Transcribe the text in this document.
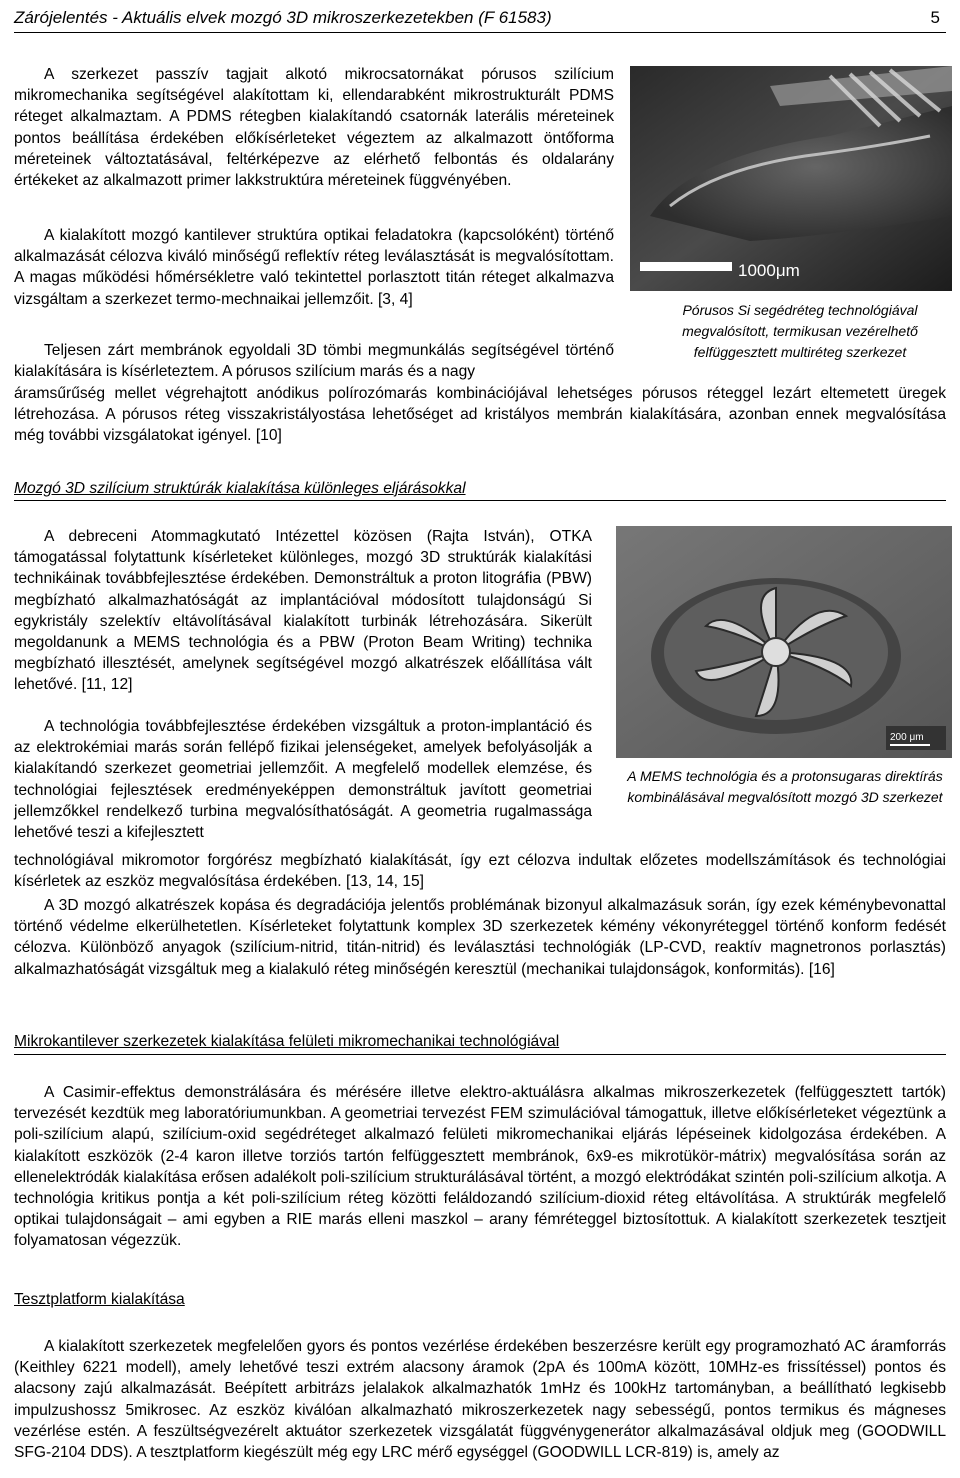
Zárójelentés - Aktuális elvek mozgó 3D mikroszerkezetekben (F 61583)	5

A szerkezet passzív tagjait alkotó mikrocsatornákat pórusos szilícium mikromechanika segítségével alakítottam ki, ellendarabként mikrostrukturált PDMS réteget alkalmaztam. A PDMS rétegben kialakítandó csatornák laterális méreteinek pontos beállítása érdekében előkísérleteket végeztem az alkalmazott öntőforma méreteinek változtatásával, feltérképezve az elérhető felbontás és oldalarány értékeket az alkalmazott primer lakkstruktúra méreteinek függvényében.

A kialakított mozgó kantilever struktúra optikai feladatokra (kapcsolóként) történő alkalmazását célozva kiváló minőségű reflektív réteg leválasztását is megvalósítottam. A magas működési hőmérsékletre való tekintettel porlasztott titán réteget alkalmazva vizsgáltam a szerkezet termo-mechnaikai jellemzőit. [3, 4]

Teljesen zárt membránok egyoldali 3D tömbi megmunkálás segítségével történő kialakítására is kísérleteztem. A pórusos szilícium marás és a nagy

áramsűrűség mellet végrehajtott anódikus polírozómarás kombinációjával lehetséges pórusos réteggel lezárt eltemetett üregek létrehozása. A pórusos réteg visszakristályostása lehetőséget ad kristályos membrán kialakítására, azonban ennek megvalósítása még további vizsgálatokat igényel. [10]

1000μm

Pórusos Si segédréteg technológiával megvalósított, termikusan vezérelhető felfüggesztett multiréteg szerkezet

Mozgó 3D szilícium struktúrák kialakítása különleges eljárásokkal

A debreceni Atommagkutató Intézettel közösen (Rajta István), OTKA támogatással folytattunk kísérleteket különleges, mozgó 3D struktúrák kialakítási technikáinak továbbfejlesztése érdekében. Demonstráltuk a proton litográfia (PBW) megbízható alkalmazhatóságát az implantációval módosított tulajdonságú Si egykristály szelektív eltávolításával kialakított turbinák létrehozására. Sikerült megoldanunk a MEMS technológia és a PBW (Proton Beam Writing) technika megbízható illesztését, amelynek segítségével mozgó alkatrészek előállítása vált lehetővé. [11, 12]

A technológia továbbfejlesztése érdekében vizsgáltuk a proton-implantáció és az elektrokémiai marás során fellépő fizikai jelenségeket, amelyek befolyásolják a kialakítandó szerkezet geometriai jellemzőit. A megfelelő modellek elemzése, és technológiai fejlesztések eredményeképpen demonstráltuk javított geometriai jellemzőkkel rendelkező turbina megvalósíthatóságát. A geometria rugalmassága lehetővé teszi a kifejlesztett

technológiával mikromotor forgórész megbízható kialakítását, így ezt célozva indultak előzetes modellszámítások és technológiai kísérletek az eszköz megvalósítása érdekében. [13, 14, 15]

A 3D mozgó alkatrészek kopása és degradációja jelentős problémának bizonyul alkalmazásuk során, így ezek kéménybevonattal történő védelme elkerülhetetlen. Kísérleteket folytattunk komplex 3D szerkezetek kémény vékonyréteggel történő konform fedését célozva. Különböző anyagok (szilícium-nitrid, titán-nitrid) és leválasztási technológiák (LP-CVD, reaktív magnetronos porlasztás) alkalmazhatóságát vizsgáltuk meg a kialakuló réteg minőségén keresztül (mechanikai tulajdonságok, konformitás). [16]

200 μm

A MEMS technológia és a protonsugaras direktírás kombinálásával megvalósított mozgó 3D szerkezet

Mikrokantilever szerkezetek kialakítása felületi mikromechanikai technológiával

A Casimir-effektus demonstrálására és mérésére illetve elektro-aktuálásra alkalmas mikroszerkezetek (felfüggesztett tartók) tervezését kezdtük meg laboratóriumunkban. A geometriai tervezést FEM szimulációval támogattuk, illetve előkísérleteket végeztünk a poli-szilícium alapú, szilícium-oxid segédréteget alkalmazó felületi mikromechanikai eljárás lépéseinek kidolgozása érdekében. A kialakított eszközök (2-4 karon illetve torziós tartón felfüggesztett membránok, 6x9-es mikrotükör-mátrix) megvalósítása során az ellenelektródák kialakítása erősen adalékolt poli-szilícium strukturálásával történt, a mozgó elektródákat szintén poli-szilícium alkotja. A technológia kritikus pontja a két poli-szilícium réteg közötti feláldozandó szilícium-dioxid réteg eltávolítása. A struktúrák megfelelő optikai tulajdonságait – ami egyben a RIE marás elleni maszkol – arany fémréteggel biztosítottuk. A kialakított szerkezetek tesztjeit folyamatosan végezzük.

Tesztplatform kialakítása

A kialakított szerkezetek megfelelően gyors és pontos vezérlése érdekében beszerzésre került egy programozható AC áramforrás (Keithley 6221 modell), amely lehetővé teszi extrém alacsony áramok (2pA és 100mA között, 10MHz-es frissítéssel) pontos és alacsony zajú alkalmazását. Beépített arbitrázs jelalakok alkalmazhatók 1mHz és 100kHz tartományban, a beállítható legkisebb impulzushossz 5mikrosec. Az eszköz kiválóan alkalmazható mikroszerkezetek nagy sebességű, pontos termikus és mágneses vezérlése estén. A feszültségvezérelt aktuátor szerkezetek vizsgálatát függvénygenerátor alkalmazásával oldjuk meg (GOODWILL SFG-2104 DDS). A tesztplatform kiegészült még egy LRC mérő egységgel (GOODWILL LCR-819) is, amely az
